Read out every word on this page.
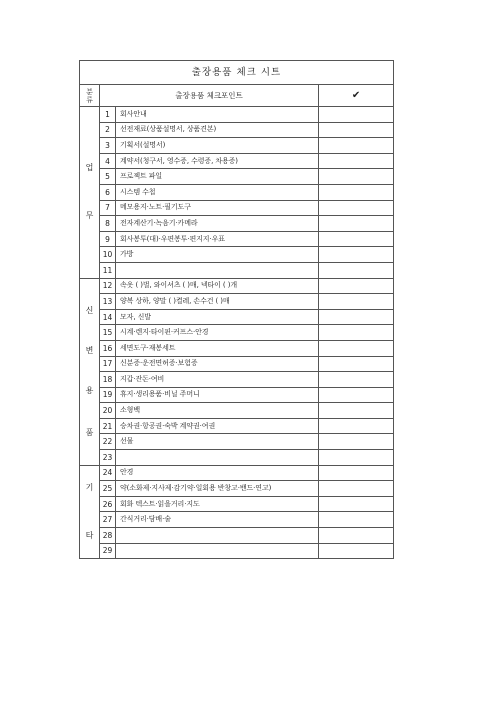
출장용품 체크 시트			
분류	출장용품 체크포인트		✔

업
무	1	회사안내	
	2	선전재료(상품설명서, 상품견본)	
	3	기획서(설명서)	
	4	계약서(청구서, 영수증, 수령증, 차용증)	
	5	프로젝트 파일	
	6	시스템 수첩	
	7	메모용지·노트·필기도구	
	8	전자계산기·녹음기·카메라	
	9	회사봉투(대)·우편봉투·편지지·우표	
	10	가방	
	11		

신
변
용
품	12	속옷 ( )벌, 와이셔츠 ( )매, 넥타이 ( )개	
	13	양복 상하, 양말 ( )켤레, 손수건 ( )매	
	14	모자, 신발	
	15	시계·렌지·타이핀·커프스·안경	
	16	세면도구·재봉세트	
	17	신분증·운전면허증·보험증	
	18	지갑·잔돈·여비	
	19	휴지·생리용품·비닐 주머니	
	20	소형백	
	21	승차권·항공권·숙박 계약권·여권	
	22	선물	
	23		

기
타	24	안경	
	25	약(소화제·지사제·감기약·일회용 반창고·밴드·연고)	
	26	회화 텍스트·읽을거리·지도	
	27	간식거리·담배·술	
	28		
	29		
